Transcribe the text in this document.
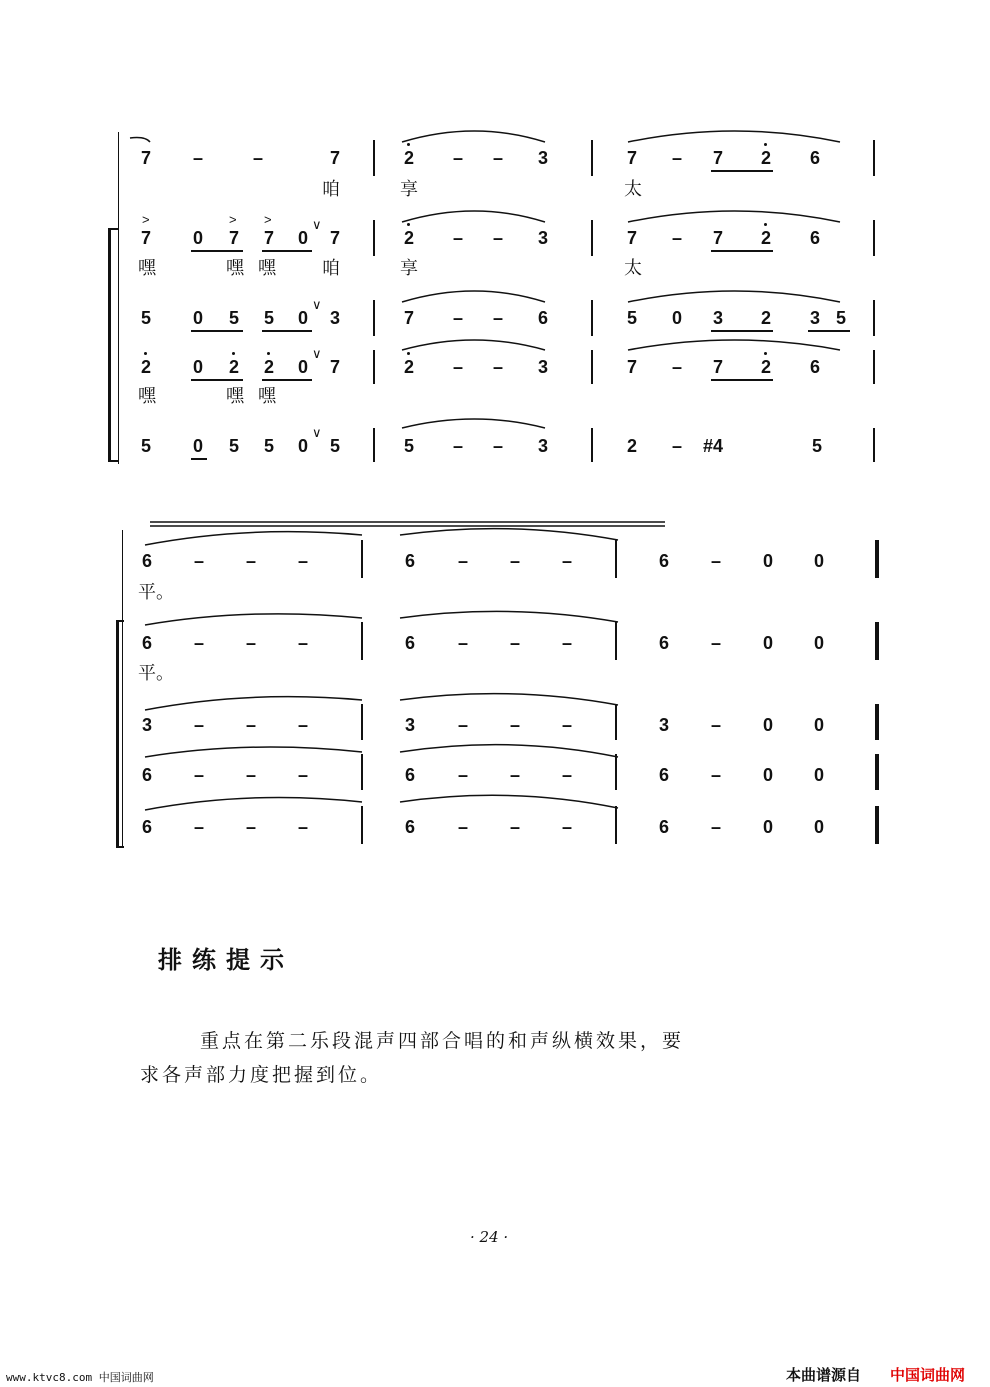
7 –	–	7	2 – – 3	7 – 7 2 6
咱	享	太
>	> >	∨
7 0 7 7 0 7	2 – – 3	7 – 7 2 6
嘿	嘿 嘿	咱	享	太
∨
5 0 5 5 0 3	7 – – 6	5 0 3 2 3 5
∨
2 0 2 2 0 7	2 – – 3	7 – 7 2 6
嘿	嘿 嘿
∨
5 0 5 5 0 5	5 – – 3	2 – #4	5
6 – – –	6 – – –	6 – 0 0
平。
6 – – –	6 – – –	6 – 0 0
平。
3 – – –	3 – – –	3 – 0 0
6 – – –	6 – – –	6 – 0 0
6 – – –	6 – – –	6 – 0 0
排练提示
重点在第二乐段混声四部合唱的和声纵横效果，要
求各声部力度把握到位。
· 24 ·
www.ktvc8.com 中国词曲网	本曲谱源自 中国词曲网
